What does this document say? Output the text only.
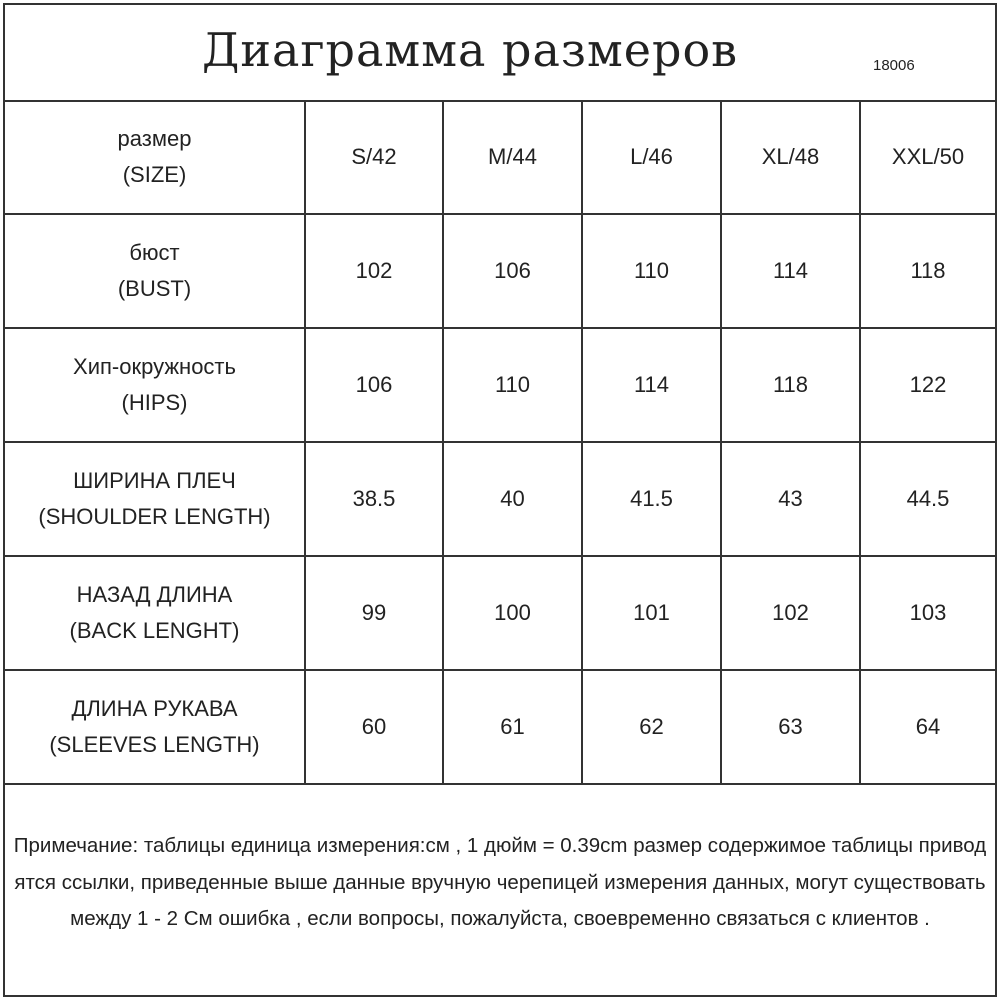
Диаграмма размеров	18006
размер
(SIZE)	S/42	M/44	L/46	XL/48	XXL/50

бюст
(BUST)	102	106	110	114	118

Хип-окружность
(HIPS)	106	110	114	118	122

ШИРИНА ПЛЕЧ
(SHOULDER LENGTH)	38.5	40	41.5	43	44.5

НАЗАД ДЛИНА
(BACK LENGHT)	99	100	101	102	103

ДЛИНА РУКАВА
(SLEEVES LENGTH)	60	61	62	63	64
Примечание: таблицы единица измерения:см , 1 дюйм = 0.39cm размер содержимое таблицы приводятся ссылки, приведенные выше данные вручную черепицей измерения данных, могут существовать между 1 - 2 См ошибка , если вопросы, пожалуйста, своевременно связаться с клиентов .
